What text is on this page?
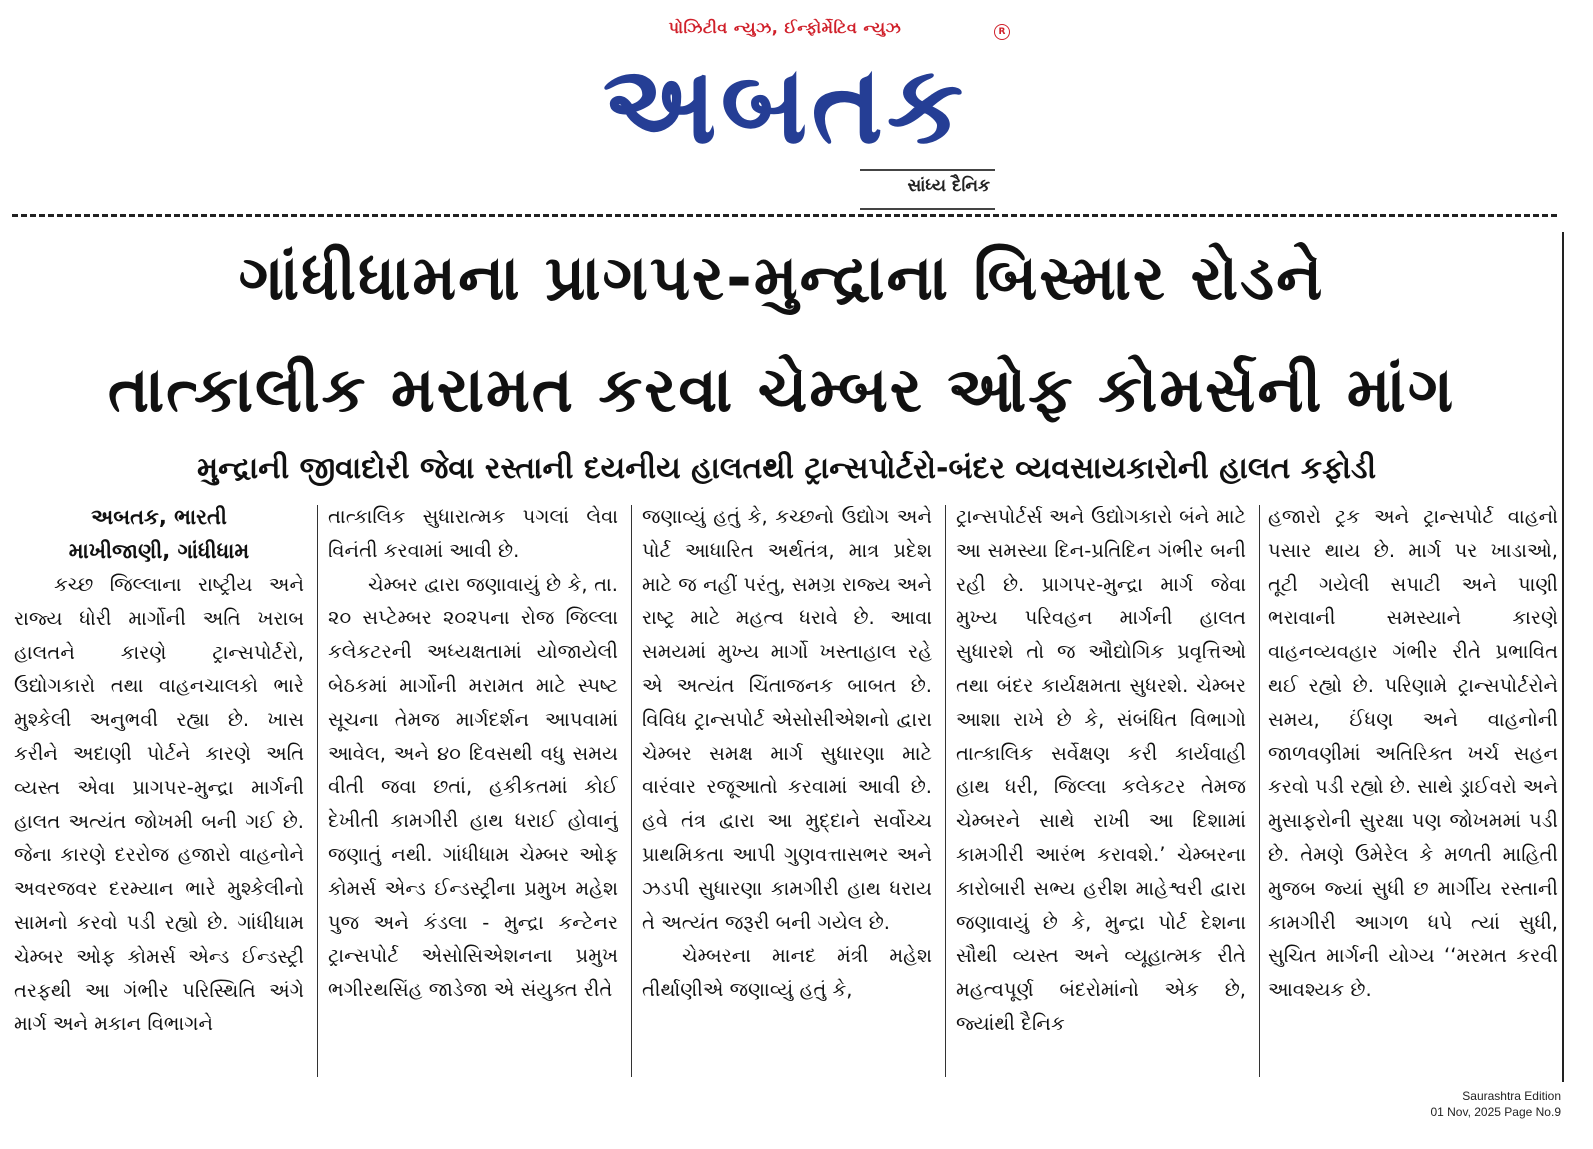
પોઝિટીવ ન્યુઝ, ઈન્ફોર્મેટિવ ન્યુઝ
અબતક
R
સાંધ્ય દૈનિક
ગાંધીધામના પ્રાગપર-મુન્દ્રાના બિસ્માર રોડને
તાત્કાલીક મરામત કરવા ચેમ્બર ઓફ કોમર્સની માંગ
મુન્દ્રાની જીવાદોરી જેવા રસ્તાની દયનીય હાલતથી ટ્રાન્સપોર્ટરો-બંદર વ્યવસાયકારોની હાલત કફોડી

અબતક, ભારતી

માખીજાણી, ગાંધીધામ

કચ્છ જિલ્લાના રાષ્ટ્રીય અને રાજ્ય ધોરી માર્ગોની અતિ ખરાબ હાલતને કારણે ટ્રાન્સપોર્ટરો, ઉદ્યોગકારો તથા વાહનચાલકો ભારે મુશ્કેલી અનુભવી રહ્યા છે. ખાસ કરીને અદાણી પોર્ટને કારણે અતિ વ્યસ્ત એવા પ્રાગપર-મુન્દ્રા માર્ગની હાલત અત્યંત જોખમી બની ગઈ છે. જેના કારણે દરરોજ હજારો વાહનોને અવરજવર દરમ્યાન ભારે મુશ્કેલીનો સામનો કરવો પડી રહ્યો છે. ગાંધીધામ ચેમ્બર ઓફ કોમર્સ એન્ડ ઈન્ડસ્ટ્રી તરફથી આ ગંભીર પરિસ્થિતિ અંગે માર્ગ અને મકાન વિભાગને

તાત્કાલિક સુધારાત્મક પગલાં લેવા વિનંતી કરવામાં આવી છે.

ચેમ્બર દ્વારા જણાવાયું છે કે, તા. ૨૦ સપ્ટેમ્બર ૨૦૨૫ના રોજ જિલ્લા કલેકટરની અધ્યક્ષતામાં યોજાયેલી બેઠકમાં માર્ગોની મરામત માટે સ્પષ્ટ સૂચના તેમજ માર્ગદર્શન આપવામાં આવેલ, અને ૪૦ દિવસથી વધુ સમય વીતી જવા છતાં, હકીકતમાં કોઈ દેખીતી કામગીરી હાથ ધરાઈ હોવાનું જણાતું નથી. ગાંધીધામ ચેમ્બર ઓફ કોમર્સ એન્ડ ઈન્ડસ્ટ્રીના પ્રમુખ મહેશ પુજ અને કંડલા - મુન્દ્રા કન્ટેનર ટ્રાન્સપોર્ટ એસોસિએશનના પ્રમુખ ભગીરથસિંહ જાડેજા એ સંયુક્ત રીતે

જણાવ્યું હતું કે, કચ્છનો ઉદ્યોગ અને પોર્ટ આધારિત અર્થતંત્ર, માત્ર પ્રદેશ માટે જ નહીં પરંતુ, સમગ્ર રાજ્ય અને રાષ્ટ્ર માટે મહત્વ ધરાવે છે. આવા સમયમાં મુખ્ય માર્ગો ખસ્તાહાલ રહે એ અત્યંત ચિંતાજનક બાબત છે. વિવિધ ટ્રાન્સપોર્ટ એસોસીએશનો દ્વારા ચેમ્બર સમક્ષ માર્ગ સુધારણા માટે વારંવાર રજૂઆતો કરવામાં આવી છે. હવે તંત્ર દ્વારા આ મુદ્દાને સર્વોચ્ચ પ્રાથમિકતા આપી ગુણવત્તાસભર અને ઝડપી સુધારણા કામગીરી હાથ ધરાય તે અત્યંત જરૂરી બની ગયેલ છે.

ચેમ્બરના માનદ મંત્રી મહેશ તીર્થાણીએ જણાવ્યું હતું કે,

ટ્રાન્સપોર્ટર્સ અને ઉદ્યોગકારો બંને માટે આ સમસ્યા દિન-પ્રતિદિન ગંભીર બની રહી છે. પ્રાગપર-મુન્દ્રા માર્ગ જેવા મુખ્ય પરિવહન માર્ગની હાલત સુધારશે તો જ ઔદ્યોગિક પ્રવૃત્તિઓ તથા બંદર કાર્યક્ષમતા સુધરશે. ચેમ્બર આશા રાખે છે કે, સંબંધિત વિભાગો તાત્કાલિક સર્વેક્ષણ કરી કાર્યવાહી હાથ ધરી, જિલ્લા કલેકટર તેમજ ચેમ્બરને સાથે રાખી આ દિશામાં કામગીરી આરંભ કરાવશે.’ ચેમ્બરના કારોબારી સભ્ય હરીશ માહેશ્વરી દ્વારા જણાવાયું છે કે, મુન્દ્રા પોર્ટ દેશના સૌથી વ્યસ્ત અને વ્યૂહાત્મક રીતે મહત્વપૂર્ણ બંદરોમાંનો એક છે, જ્યાંથી દૈનિક

હજારો ટ્રક અને ટ્રાન્સપોર્ટ વાહનો પસાર થાય છે. માર્ગ પર ખાડાઓ, તૂટી ગયેલી સપાટી અને પાણી ભરાવાની સમસ્યાને કારણે વાહનવ્યવહાર ગંભીર રીતે પ્રભાવિત થઈ રહ્યો છે. પરિણામે ટ્રાન્સપોર્ટરોને સમય, ઈંધણ અને વાહનોની જાળવણીમાં અતિરિક્ત ખર્ચ સહન કરવો પડી રહ્યો છે. સાથે ડ્રાઈવરો અને મુસાફરોની સુરક્ષા પણ જોખમમાં પડી છે. તેમણે ઉમેરેલ કે મળતી માહિતી મુજબ જ્યાં સુધી છ માર્ગીય રસ્તાની કામગીરી આગળ ધપે ત્યાં સુધી, સુચિત માર્ગની યોગ્ય ‘‘મરમત કરવી આવશ્યક છે.

Saurashtra Edition
01 Nov, 2025 Page No.9
